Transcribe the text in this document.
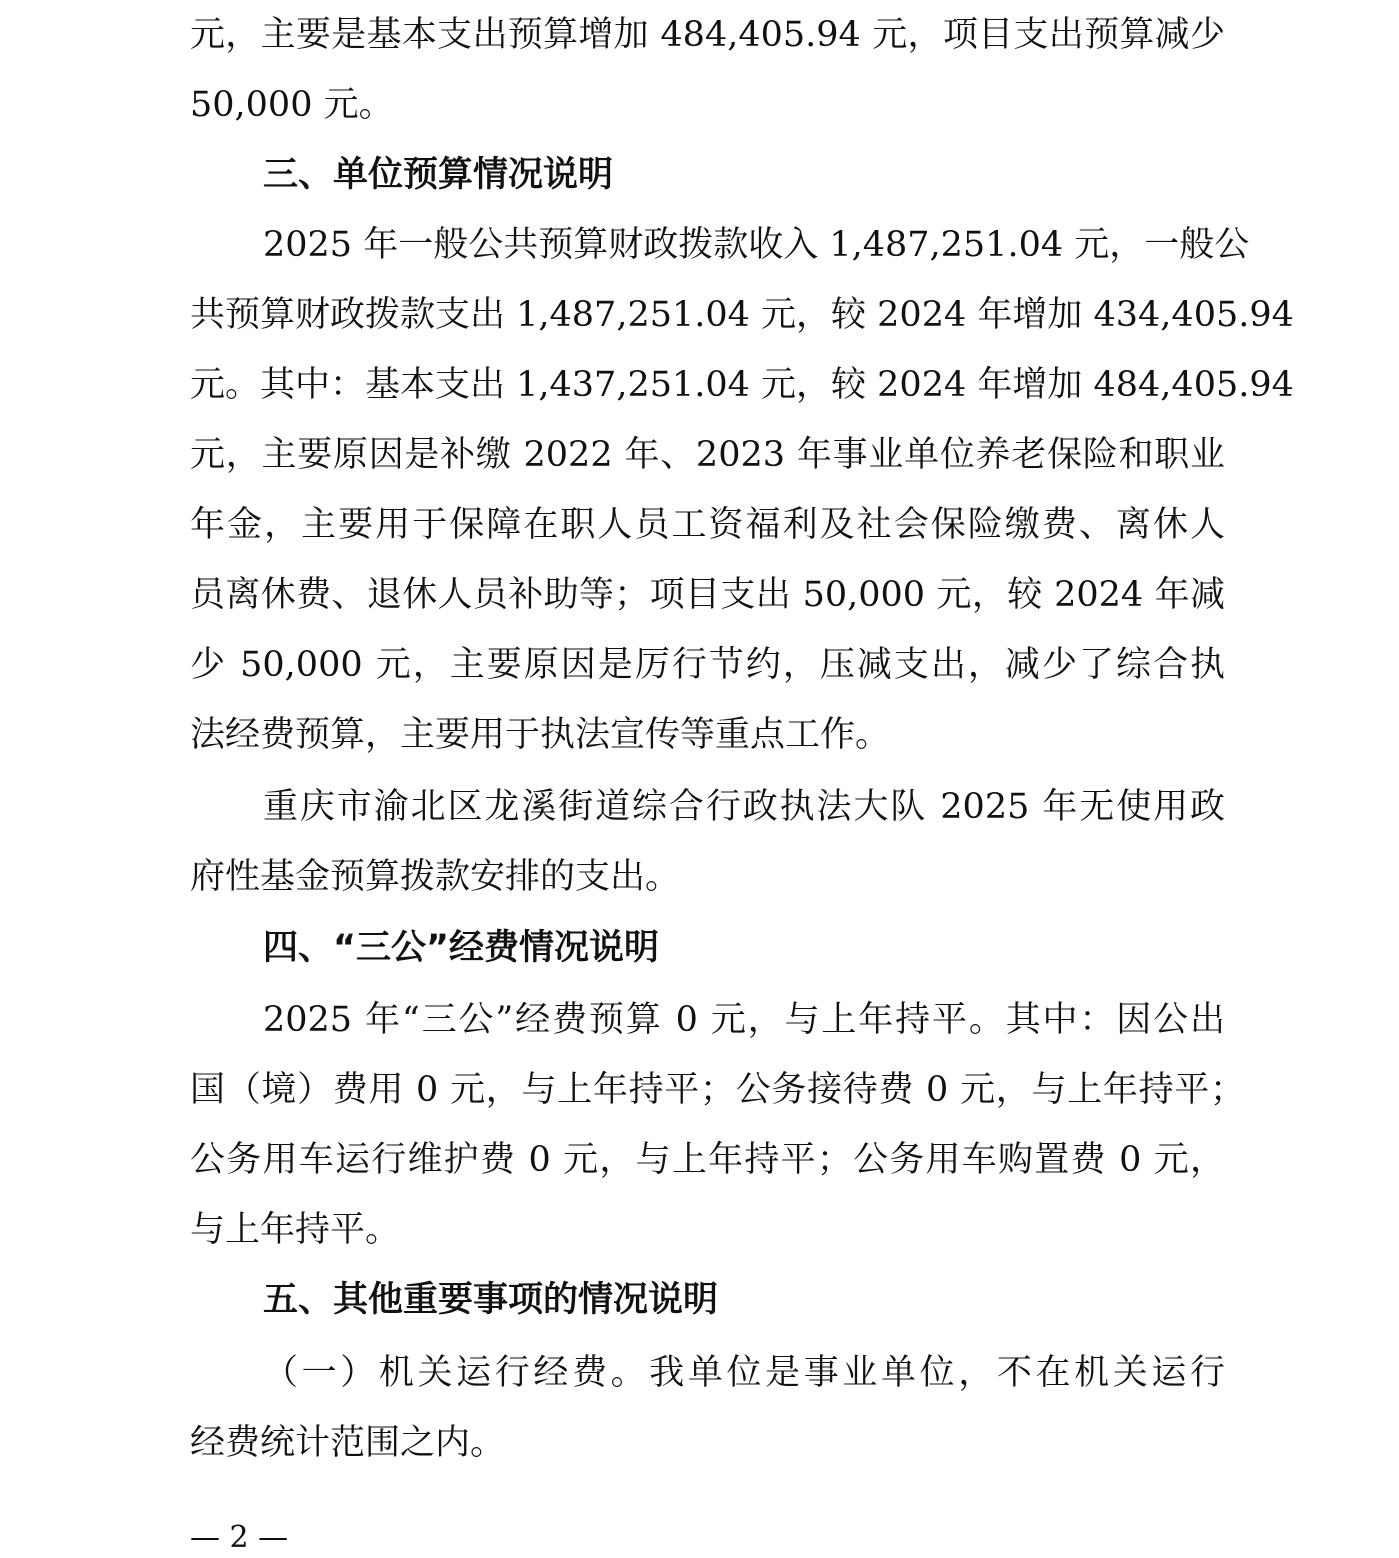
元，主要是基本支出预算增加 484,405.94 元，项目支出预算减少
50,000 元。
三、单位预算情况说明
2025 年一般公共预算财政拨款收入 1,487,251.04 元，一般公
共预算财政拨款支出 1,487,251.04 元，较 2024 年增加 434,405.94
元。其中：基本支出 1,437,251.04 元，较 2024 年增加 484,405.94
元，主要原因是补缴 2022 年、2023 年事业单位养老保险和职业
年金，主要用于保障在职人员工资福利及社会保险缴费、离休人
员离休费、退休人员补助等；项目支出 50,000 元，较 2024 年减
少 50,000 元，主要原因是厉行节约，压减支出，减少了综合执
法经费预算，主要用于执法宣传等重点工作。
重庆市渝北区龙溪街道综合行政执法大队 2025 年无使用政
府性基金预算拨款安排的支出。
四、“三公”经费情况说明
2025 年“三公”经费预算 0 元，与上年持平。其中：因公出
国（境）费用 0 元，与上年持平；公务接待费 0 元，与上年持平；
公务用车运行维护费 0 元，与上年持平；公务用车购置费 0 元，
与上年持平。
五、其他重要事项的情况说明
（一）机关运行经费。我单位是事业单位，不在机关运行
经费统计范围之内。
— 2 —
